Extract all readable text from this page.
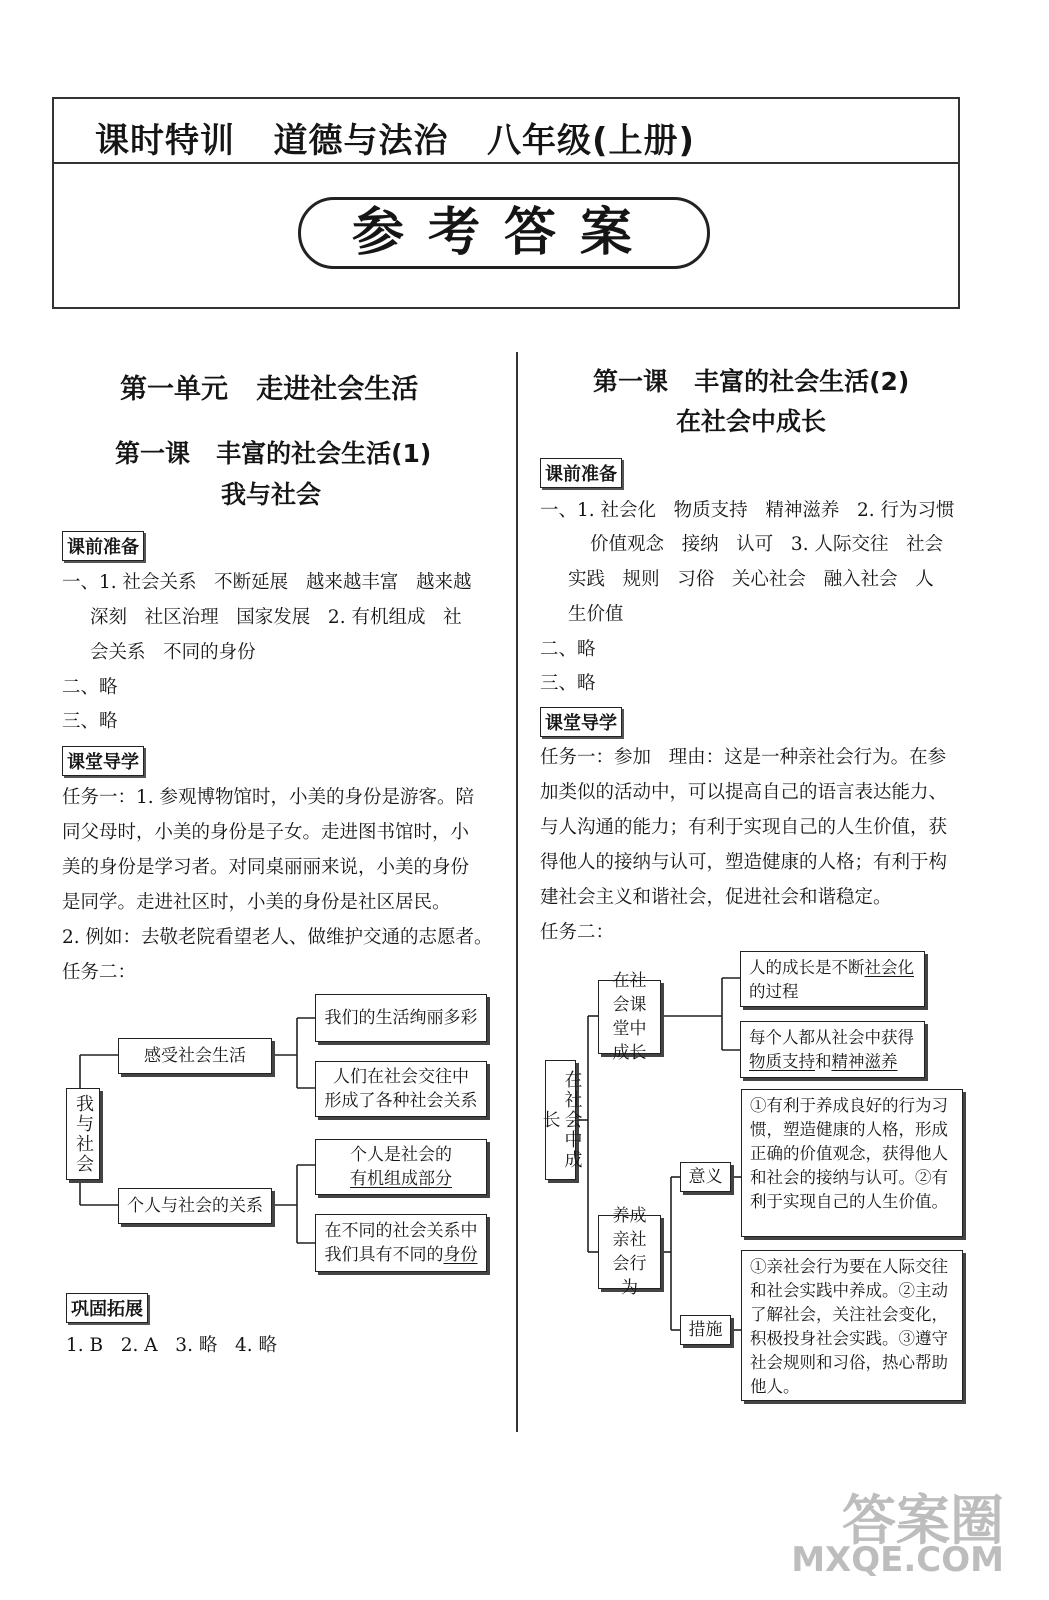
课时特训   道德与法治   八年级(上册)
参考答案
第一单元   走进社会生活
第一课   丰富的社会生活(1)
我与社会
课前准备
一、1. 社会关系   不断延展   越来越丰富   越来越
深刻   社区治理   国家发展   2. 有机组成   社
会关系   不同的身份
二、略
三、略
课堂导学
任务一：1. 参观博物馆时，小美的身份是游客。陪
同父母时，小美的身份是子女。走进图书馆时，小
美的身份是学习者。对同桌丽丽来说，小美的身份
是同学。走进社区时，小美的身份是社区居民。
2. 例如：去敬老院看望老人、做维护交通的志愿者。
任务二：
我与社会
感受社会生活
个人与社会的关系
我们的生活绚丽多彩
人们在社会交往中
形成了各种社会关系
个人是社会的
有机组成部分
在不同的社会关系中
我们具有不同的身份
巩固拓展
1. B   2. A   3. 略   4. 略
第一课   丰富的社会生活(2)
在社会中成长
课前准备
一、1. 社会化   物质支持   精神滋养   2. 行为习惯
价值观念   接纳   认可   3. 人际交往   社会
实践   规则   习俗   关心社会   融入社会   人
生价值
二、略
三、略
课堂导学
任务一：参加   理由：这是一种亲社会行为。在参
加类似的活动中，可以提高自己的语言表达能力、
与人沟通的能力；有利于实现自己的人生价值，获
得他人的接纳与认可，塑造健康的人格；有利于构
建社会主义和谐社会，促进社会和谐稳定。
任务二：
在社会中成长
在社会课堂中成长
养成亲社会行为
人的成长是不断社会化
的过程
每个人都从社会中获得
物质支持和精神滋养
意义
措施
①有利于养成良好的行为习惯，塑造健康的人格，形成正确的价值观念，获得他人和社会的接纳与认可。②有利于实现自己的人生价值。
①亲社会行为要在人际交往和社会实践中养成。②主动了解社会，关注社会变化，积极投身社会实践。③遵守社会规则和习俗，热心帮助他人。
答案圈
MXQE.COM
